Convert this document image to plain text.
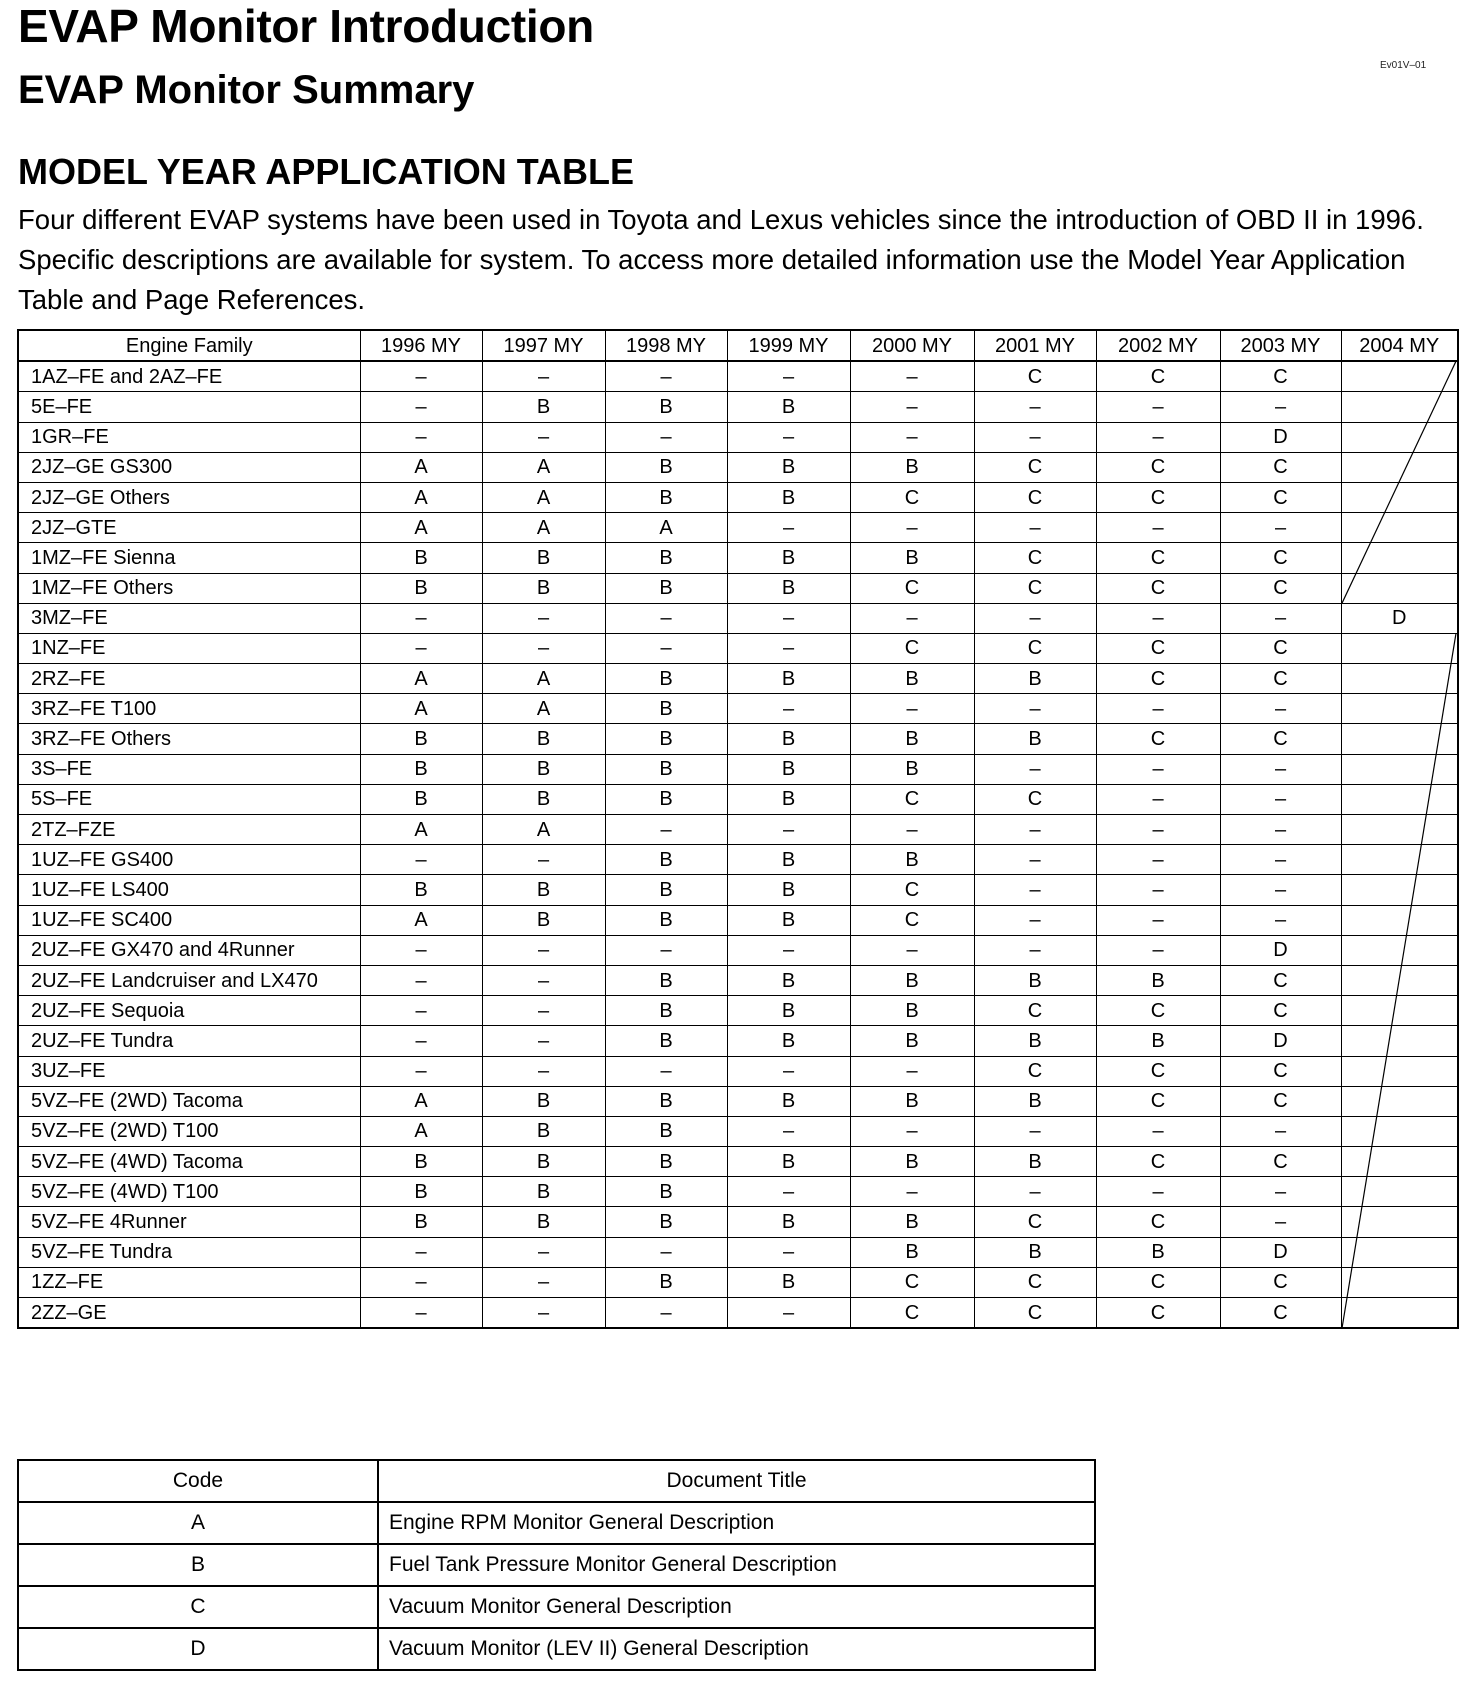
EVAP Monitor Introduction
EVAP Monitor Summary
Ev01V–01
MODEL YEAR APPLICATION TABLE

Four different EVAP systems have been used in Toyota and Lexus vehicles since the introduction of OBD II in 1996. Specific descriptions are available for system. To access more detailed information use the Model Year Application Table and Page References.

Engine Family	1996 MY	1997 MY	1998 MY	1999 MY	2000 MY	2001 MY	2002 MY	2003 MY	2004 MY
1AZ–FE and 2AZ–FE	–	–	–	–	–	C	C	C	
5E–FE	–	B	B	B	–	–	–	–	
1GR–FE	–	–	–	–	–	–	–	D	
2JZ–GE GS300	A	A	B	B	B	C	C	C	
2JZ–GE Others	A	A	B	B	C	C	C	C	
2JZ–GTE	A	A	A	–	–	–	–	–	
1MZ–FE Sienna	B	B	B	B	B	C	C	C	
1MZ–FE Others	B	B	B	B	C	C	C	C	
3MZ–FE	–	–	–	–	–	–	–	–	D
1NZ–FE	–	–	–	–	C	C	C	C	
2RZ–FE	A	A	B	B	B	B	C	C	
3RZ–FE T100	A	A	B	–	–	–	–	–	
3RZ–FE Others	B	B	B	B	B	B	C	C	
3S–FE	B	B	B	B	B	–	–	–	
5S–FE	B	B	B	B	C	C	–	–	
2TZ–FZE	A	A	–	–	–	–	–	–	
1UZ–FE GS400	–	–	B	B	B	–	–	–	
1UZ–FE LS400	B	B	B	B	C	–	–	–	
1UZ–FE SC400	A	B	B	B	C	–	–	–	
2UZ–FE GX470 and 4Runner	–	–	–	–	–	–	–	D	
2UZ–FE Landcruiser and LX470	–	–	B	B	B	B	B	C	
2UZ–FE Sequoia	–	–	B	B	B	C	C	C	
2UZ–FE Tundra	–	–	B	B	B	B	B	D	
3UZ–FE	–	–	–	–	–	C	C	C	
5VZ–FE (2WD) Tacoma	A	B	B	B	B	B	C	C	
5VZ–FE (2WD) T100	A	B	B	–	–	–	–	–	
5VZ–FE (4WD) Tacoma	B	B	B	B	B	B	C	C	
5VZ–FE (4WD) T100	B	B	B	–	–	–	–	–	
5VZ–FE 4Runner	B	B	B	B	B	C	C	–	
5VZ–FE Tundra	–	–	–	–	B	B	B	D	
1ZZ–FE	–	–	B	B	C	C	C	C	
2ZZ–GE	–	–	–	–	C	C	C	C	
Code	Document Title
A	Engine RPM Monitor General Description
B	Fuel Tank Pressure Monitor General Description
C	Vacuum Monitor General Description
D	Vacuum Monitor (LEV II) General Description
